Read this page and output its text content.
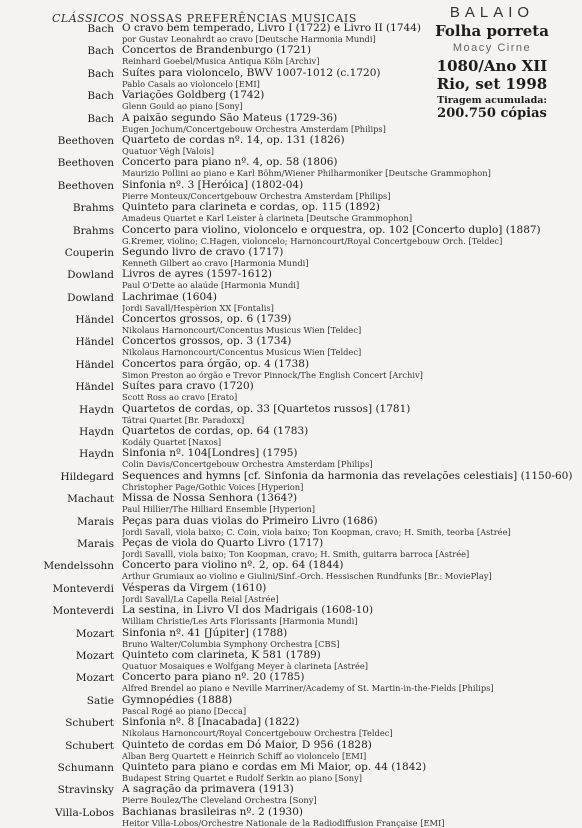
CLÁSSICOS NOSSAS PREFERÊNCIAS MUSICAIS	BALAIO
Folha porreta
Moacy Cirne
1080/Ano XII
Rio, set 1998
Tiragem acumulada:
200.750 cópias
Bach O cravo bem temperado, Livro I (1722) e Livro II (1744)
por Gustav Leonahrdt ao cravo [Deutsche Harmonia Mundi]
Bach Concertos de Brandenburgo (1721)
Reinhard Goebel/Musica Antiqua Köln [Archiv]
Bach Suítes para violoncelo, BWV 1007-1012 (c.1720)
Pablo Casals ao violoncelo [EMI]
Bach Variações Goldberg (1742)
Glenn Gould ao piano [Sony]
Bach A paixão segundo São Mateus (1729-36)
Eugen Jochum/Concertgebouw Orchestra Amsterdam [Philips]
Beethoven Quarteto de cordas nº. 14, op. 131 (1826)
Quatuor Végh [Valois]
Beethoven Concerto para piano nº. 4, op. 58 (1806)
Maurizio Pollini ao piano e Karl Böhm/Wiener Philharmoniker [Deutsche Grammophon]
Beethoven Sinfonia nº. 3 [Heróica] (1802-04)
Pierre Monteux/Concertgebouw Orchestra Amsterdam [Philips]
Brahms Quinteto para clarineta e cordas, op. 115 (1892)
Amadeus Quartet e Karl Leister à clarineta [Deutsche Grammophon]
Brahms Concerto para violino, violoncelo e orquestra, op. 102 [Concerto duplo] (1887)
G.Kremer, violino; C.Hagen, violoncelo; Harnoncourt/Royal Concertgebouw Orch. [Teldec]
Couperin Segundo livro de cravo (1717)
Kenneth Gilbert ao cravo [Harmonia Mundi]
Dowland Livros de ayres (1597-1612)
Paul O'Dette ao alaúde [Harmonia Mundi]
Dowland Lachrimae (1604)
Jordi Savall/Hespèrion XX [Fontalis]
Händel Concertos grossos, op. 6 (1739)
Nikolaus Harnoncourt/Concentus Musicus Wien [Teldec]
Händel Concertos grossos, op. 3 (1734)
Nikolaus Harnoncourt/Concentus Musicus Wien [Teldec]
Händel Concertos para órgão, op. 4 (1738)
Simon Preston ao órgão e Trevor Pinnock/The English Concert [Archiv]
Händel Suítes para cravo (1720)
Scott Ross ao cravo [Erato]
Haydn Quartetos de cordas, op. 33 [Quartetos russos] (1781)
Tátrai Quartet [Br. Paradoxx]
Haydn Quartetos de cordas, op. 64 (1783)
Kodály Quartet [Naxos]
Haydn Sinfonia nº. 104[Londres] (1795)
Colin Davis/Concertgebouw Orchestra Amsterdam [Philips]
Hildegard Sequences and hymns [cf. Sinfonia da harmonia das revelações celestiais] (1150-60)
Christopher Page/Gothic Voices [Hyperion]
Machaut Missa de Nossa Senhora (1364?)
Paul Hillier/The Hilliard Ensemble [Hyperion]
Marais Peças para duas violas do Primeiro Livro (1686)
Jordi Savall, viola baixo; C. Coin, viola baixo; Ton Koopman, cravo; H. Smith, teorba [Astrée]
Marais Peças de viola do Quarto Livro (1717)
Jordi Savalll, viola baixo; Ton Koopman, cravo; H. Smith, guitarra barroca [Astrée]
Mendelssohn Concerto para violino nº. 2, op. 64 (1844)
Arthur Grumiaux ao violino e Giulini/Sinf.-Orch. Hessischen Rundfunks [Br.: MoviePlay]
Monteverdi Vésperas da Virgem (1610)
Jordi Savall/La Capella Reial [Astrée]
Monteverdi La sestina, in Livro VI dos Madrigais (1608-10)
William Christie/Les Arts Florissants [Harmonia Mundi]
Mozart Sinfonia nº. 41 [Júpiter] (1788)
Bruno Walter/Columbia Symphony Orchestra [CBS]
Mozart Quinteto com clarineta, K 581 (1789)
Quatuor Mosaiques e Wolfgang Meyer à clarineta [Astrée]
Mozart Concerto para piano nº. 20 (1785)
Alfred Brendel ao piano e Neville Marriner/Academy of St. Martin-in-the-Fields [Philips]
Satie Gymnopédies (1888)
Pascal Rogé ao piano [Decca]
Schubert Sinfonia nº. 8 [Inacabada] (1822)
Nikolaus Harnoncourt/Royal Concertgebouw Orchestra [Teldec]
Schubert Quinteto de cordas em Dó Maior, D 956 (1828)
Alban Berg Quartett e Heinrich Schiff ao violoncelo [EMI]
Schumann Quinteto para piano e cordas em Mi Maior, op. 44 (1842)
Budapest String Quartet e Rudolf Serkin ao piano [Sony]
Stravinsky A sagração da primavera (1913)
Pierre Boulez/The Cleveland Orchestra [Sony]
Villa-Lobos Bachianas brasileiras nº. 2 (1930)
Heitor Villa-Lobos/Orchestre Nationale de la Radiodiffusion Française [EMI]
